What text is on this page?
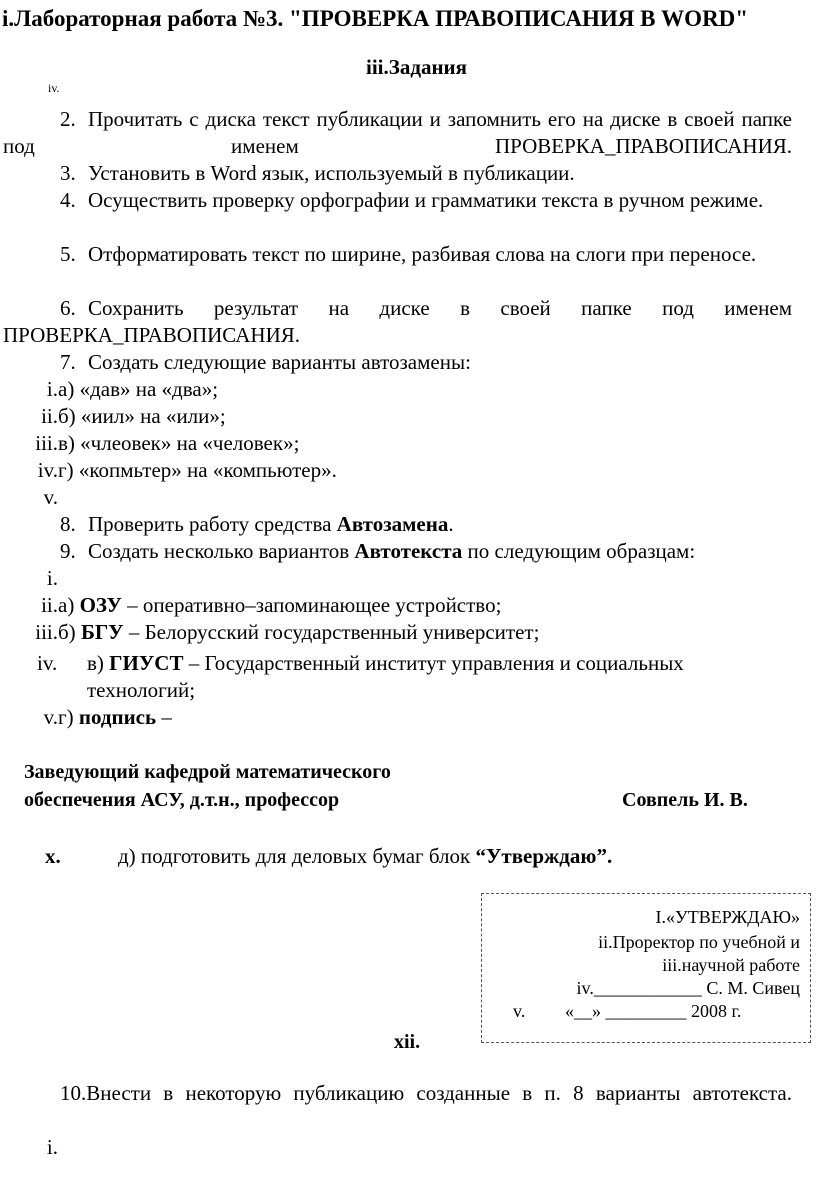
i.Лабораторная работа №3. "ПРОВЕРКА ПРАВОПИСАНИЯ В WORD"
iii.Задания
iv.
2. Прочитать с диска текст публикации и запомнить его на диске в своей папке под именем ПРОВЕРКА_ПРАВОПИСАНИЯ.
3. Установить в Word язык, используемый в публикации.
4. Осуществить проверку орфографии и грамматики текста в ручном режиме.
5. Отформатировать текст по ширине, разбивая слова на слоги при переносе.
6. Сохранить результат на диске в своей папке под именем ПРОВЕРКА_ПРАВОПИСАНИЯ.
7. Создать следующие варианты автозамены:
i.а) «дав» на «два»;
ii.б) «иил» на «или»;
iii.в) «члеовек» на «человек»;
iv.г) «копмьтер» на «компьютер».
v.
8. Проверить работу средства Автозамена.
9. Создать несколько вариантов Автотекста по следующим образцам:
i.
ii.а) ОЗУ – оперативно–запоминающее устройство;
iii.б) БГУ – Белорусский государственный университет;
iv. в) ГИУСТ – Государственный институт управления и социальных
технологий;
v.г) подпись –
Заведующий кафедрой математического
обеспечения АСУ, д.т.н., профессор	Совпель И. В.
x.	д) подготовить для деловых бумаг блок “Утверждаю”.
I.«УТВЕРЖДАЮ»
ii.Проректор по учебной и
iii.научной работе
iv.____________ С. М. Сивец
v. «__» _________ 2008 г.
xii.
10.Внести в некоторую публикацию созданные в п. 8 варианты автотекста.
i.
